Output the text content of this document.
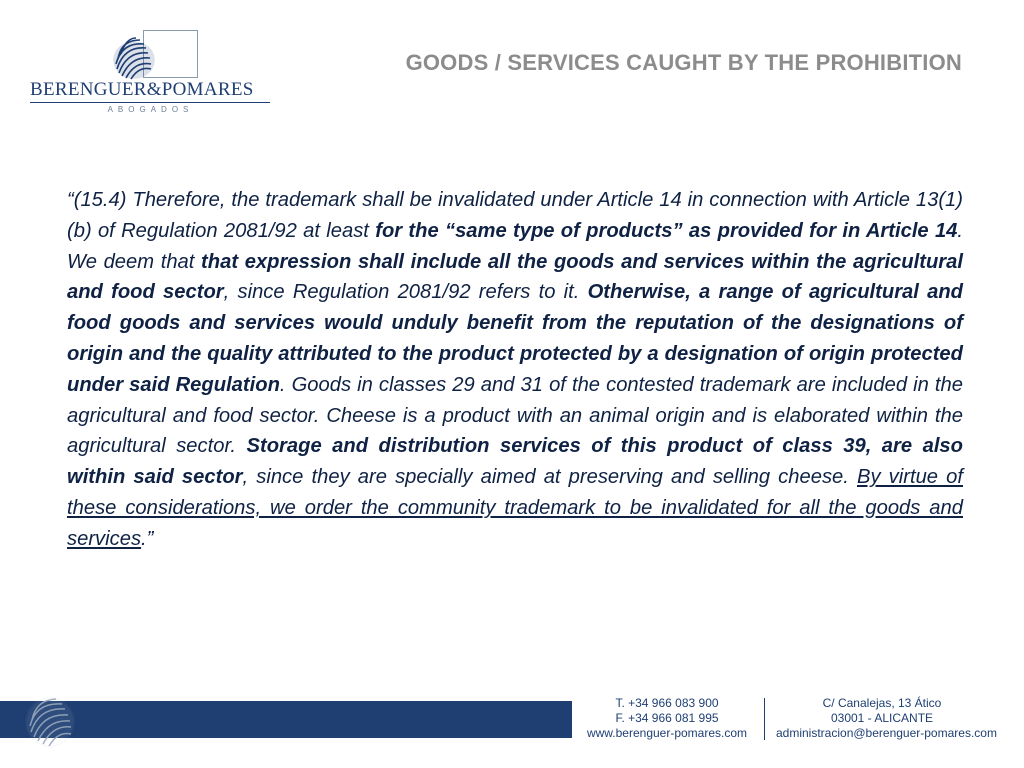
BERENGUER&POMARES
ABOGADOS
GOODS / SERVICES CAUGHT BY THE PROHIBITION

“(15.4) Therefore, the trademark shall be invalidated under Article 14 in connection with Article 13(1)(b) of Regulation 2081/92 at least for the “same type of products” as provided for in Article 14. We deem that that expression shall include all the goods and services within the agricultural and food sector, since Regulation 2081/92 refers to it. Otherwise, a range of agricultural and food goods and services would unduly benefit from the reputation of the designations of origin and the quality attributed to the product protected by a designation of origin protected under said Regulation. Goods in classes 29 and 31 of the contested trademark are included in the agricultural and food sector. Cheese is a product with an animal origin and is elaborated within the agricultural sector. Storage and distribution services of this product of class 39, are also within said sector, since they are specially aimed at preserving and selling cheese. By virtue of these considerations, we order the community trademark to be invalidated for all the goods and services.”

T. +34 966 083 900
F. +34 966 081 995
www.berenguer-pomares.com
C/ Canalejas, 13 Ático
03001 - ALICANTE
administracion@berenguer-pomares.com
